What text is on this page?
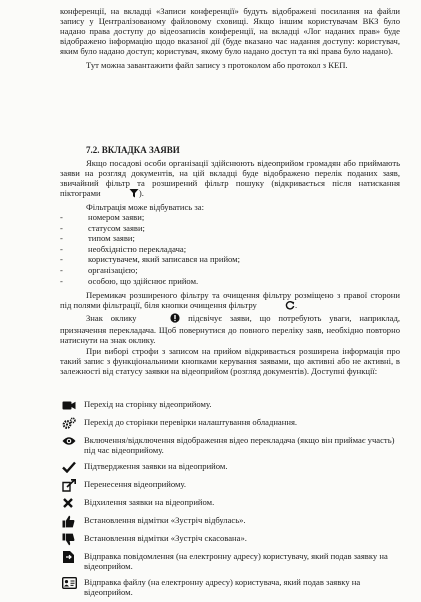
конференції, на вкладці «Записи конференції» будуть відображені посилання на файли запису у Централізованому файловому сховищі. Якщо іншим користувачам ВКЗ було надано права доступу до відеозаписів конференції, на вкладці «Лог наданих прав» буде відображено інформацію щодо вказаної дії (буде вказано час надання доступу: користувач, яким було надано доступ; користувач, якому було надано доступ та які права було надано).

Тут можна завантажити файл запису з протоколом або протокол з КЕП.

7.2. ВКЛАДКА ЗАЯВИ

Якщо посадові особи організації здійснюють відеоприйом громадян або приймають заяви на розгляд документів, на цій вкладці буде відображено перелік поданих заяв, звичайний фільтр та розширений фільтр пошуку (відкривається після натискання піктограми	).

Фільтрація може відбуватись за:

-	номером заяви;
-	статусом заяви;
-	типом заяви;
-	необхідністю перекладача;
-	користувачем, який записався на прийом;
-	організацією;
-	особою, що здійснює прийом.

Перемикач розширеного фільтру та очищення фільтру розміщено з правої сторони під полями фільтрації, біля кнопки очищення фільтру	.

Знак оклику	підсвічує заяви, що потребують уваги, наприклад, призначення перекладача. Щоб повернутися до повного переліку заяв, необхідно повторно натиснути на знак оклику.

При виборі строфи з записом на прийом відкривається розширена інформація про такий запис з функціональними кнопками керування заявами, що активні або не активні, в залежності від статусу заявки на відеоприйом (розгляд документів). Доступні функції:

Перехід на сторінку відеоприйому.
Перехід до сторінки перевірки налаштування обладнання.
Включення/відключення відображення відео перекладача (якщо він приймає участь) під час відеоприйому.
Підтвердження заявки на відеоприйом.
Перенесення відеоприйому.
Відхилення заявки на відеоприйом.
Встановлення відмітки «Зустріч відбулась».
Встановлення відмітки «Зустріч скасована».
Відправка повідомлення (на електронну адресу) користувачу, який подав заявку на відеоприйом.
Відправка файлу (на електронну адресу) користувача, який подав заявку на відеоприйом.
